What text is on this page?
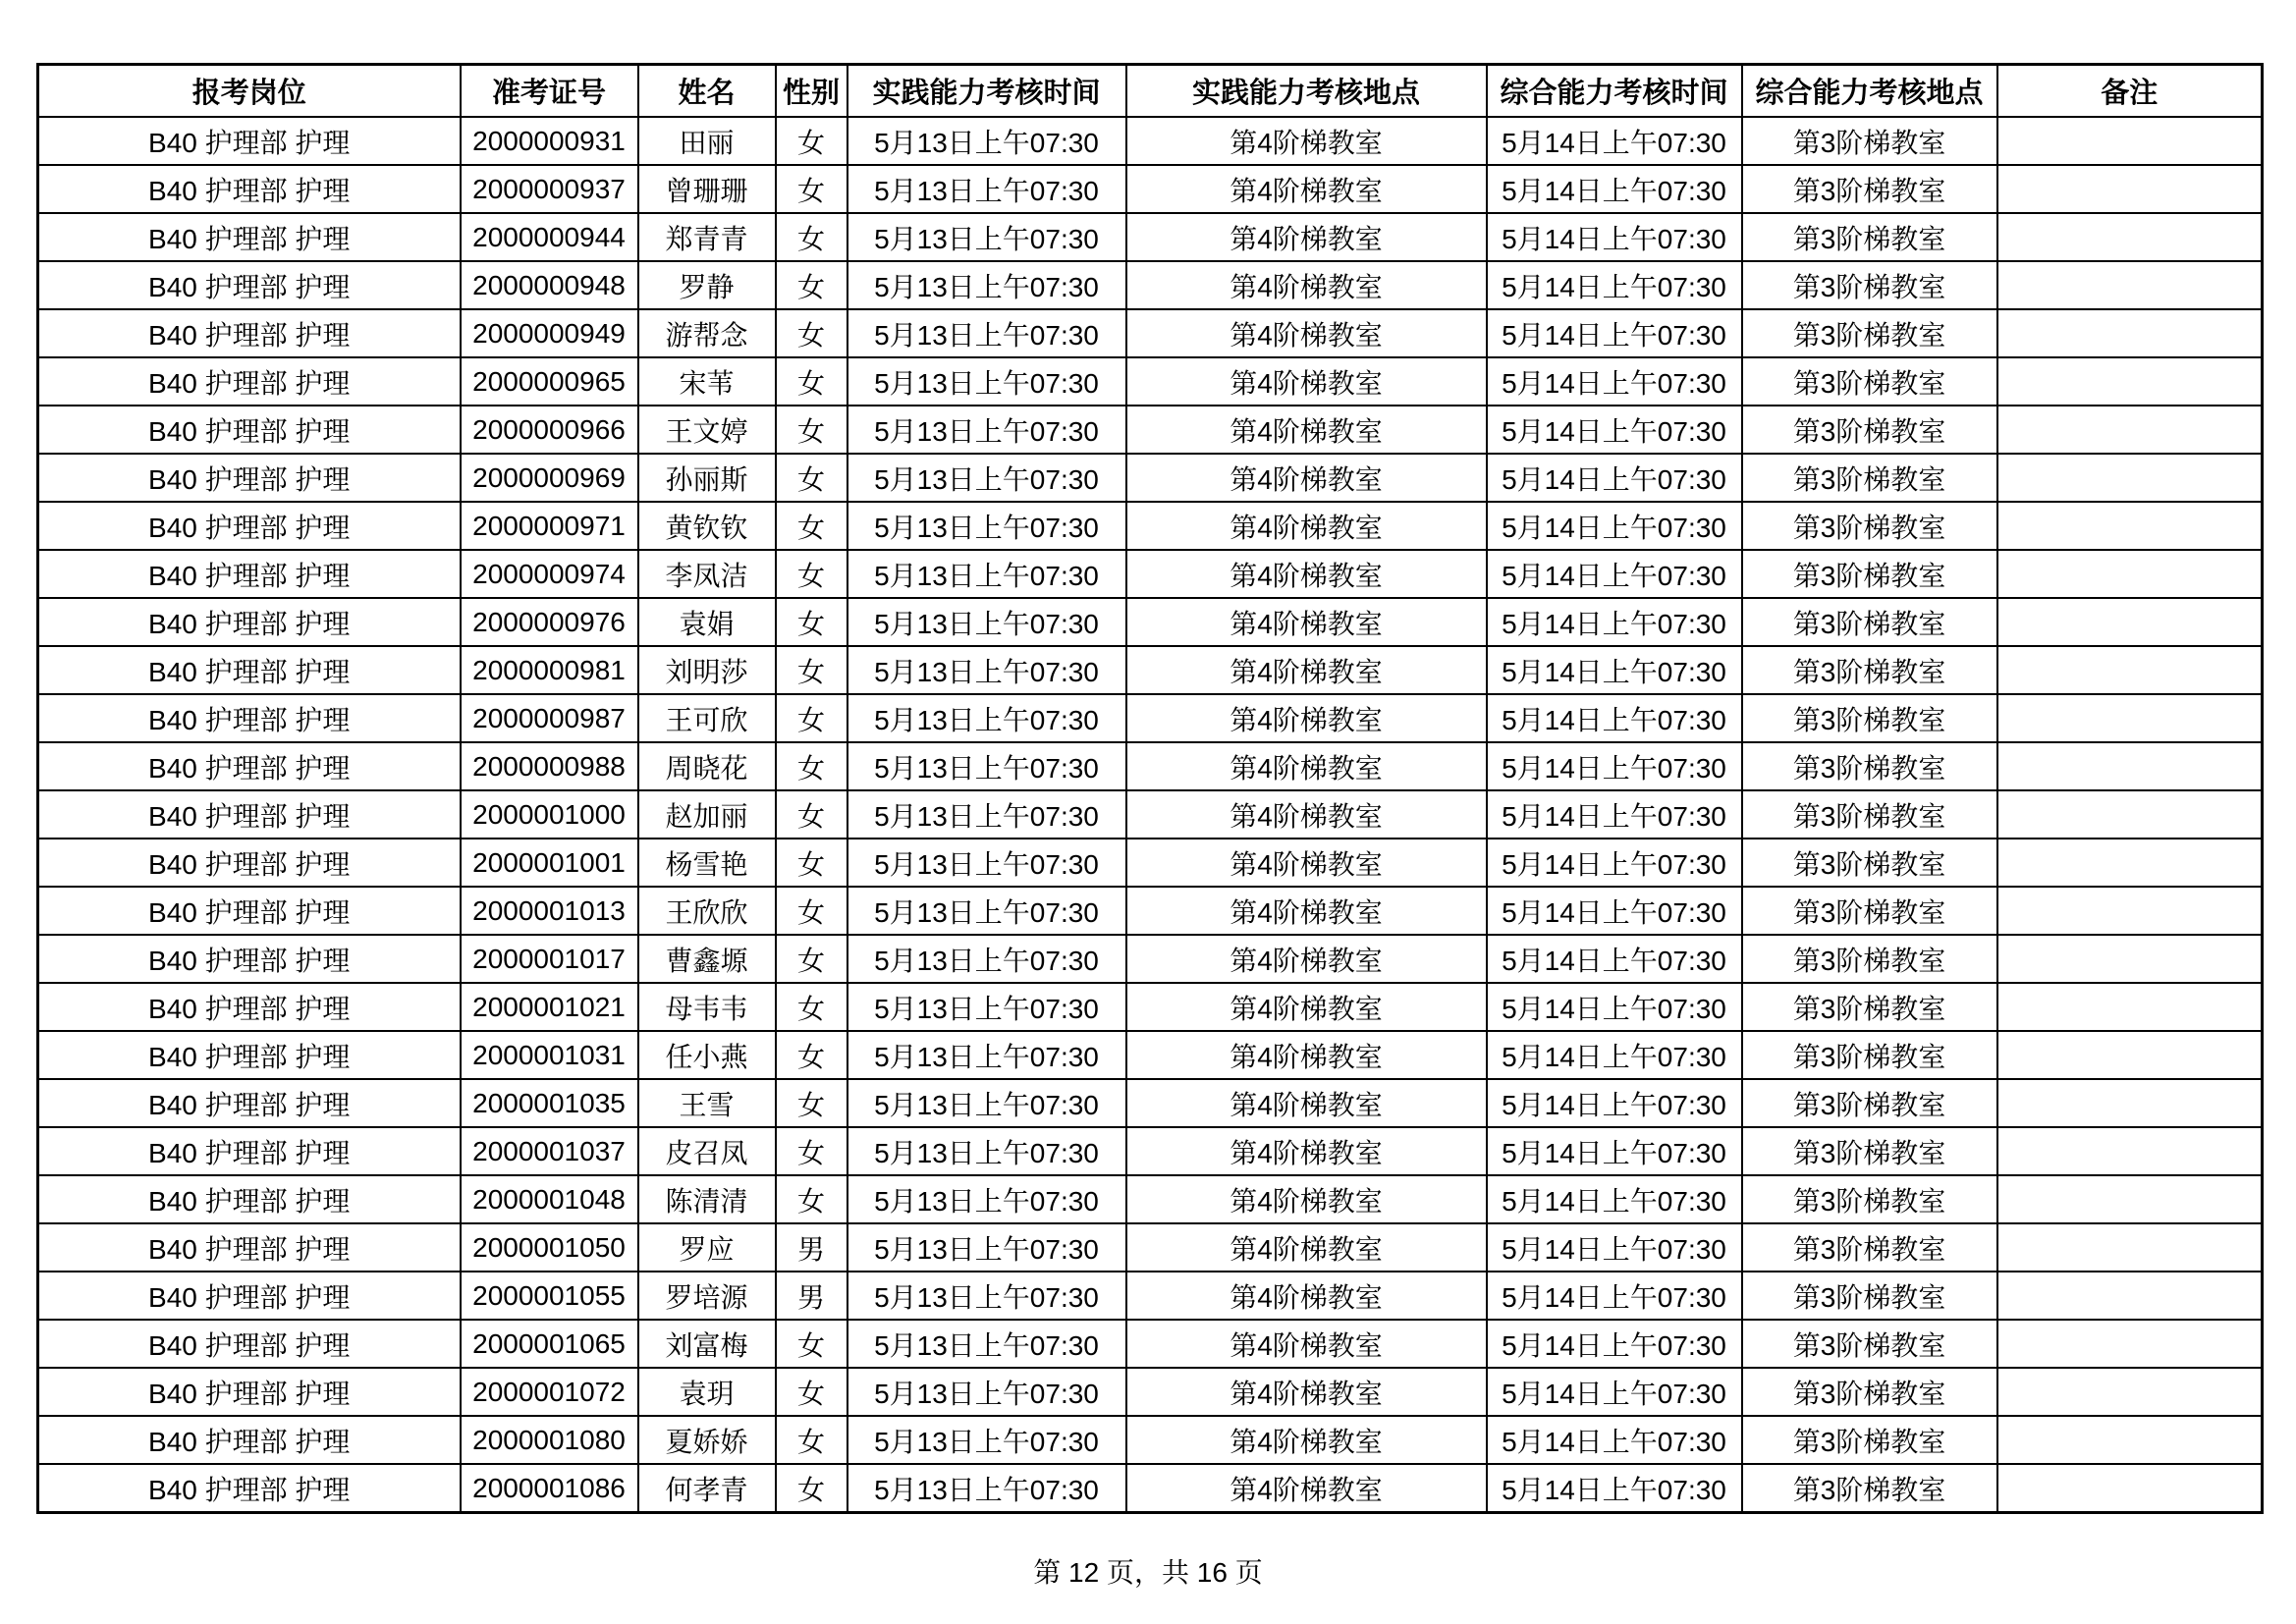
报考岗位	准考证号	姓名	性别	实践能力考核时间	实践能力考核地点	综合能力考核时间	综合能力考核地点	备注
B40 护理部 护理	2000000931	田丽	女	5月13日上午07:30	第4阶梯教室	5月14日上午07:30	第3阶梯教室	
B40 护理部 护理	2000000937	曾珊珊	女	5月13日上午07:30	第4阶梯教室	5月14日上午07:30	第3阶梯教室	
B40 护理部 护理	2000000944	郑青青	女	5月13日上午07:30	第4阶梯教室	5月14日上午07:30	第3阶梯教室	
B40 护理部 护理	2000000948	罗静	女	5月13日上午07:30	第4阶梯教室	5月14日上午07:30	第3阶梯教室	
B40 护理部 护理	2000000949	游帮念	女	5月13日上午07:30	第4阶梯教室	5月14日上午07:30	第3阶梯教室	
B40 护理部 护理	2000000965	宋苇	女	5月13日上午07:30	第4阶梯教室	5月14日上午07:30	第3阶梯教室	
B40 护理部 护理	2000000966	王文婷	女	5月13日上午07:30	第4阶梯教室	5月14日上午07:30	第3阶梯教室	
B40 护理部 护理	2000000969	孙丽斯	女	5月13日上午07:30	第4阶梯教室	5月14日上午07:30	第3阶梯教室	
B40 护理部 护理	2000000971	黄钦钦	女	5月13日上午07:30	第4阶梯教室	5月14日上午07:30	第3阶梯教室	
B40 护理部 护理	2000000974	李凤洁	女	5月13日上午07:30	第4阶梯教室	5月14日上午07:30	第3阶梯教室	
B40 护理部 护理	2000000976	袁娟	女	5月13日上午07:30	第4阶梯教室	5月14日上午07:30	第3阶梯教室	
B40 护理部 护理	2000000981	刘明莎	女	5月13日上午07:30	第4阶梯教室	5月14日上午07:30	第3阶梯教室	
B40 护理部 护理	2000000987	王可欣	女	5月13日上午07:30	第4阶梯教室	5月14日上午07:30	第3阶梯教室	
B40 护理部 护理	2000000988	周晓花	女	5月13日上午07:30	第4阶梯教室	5月14日上午07:30	第3阶梯教室	
B40 护理部 护理	2000001000	赵加丽	女	5月13日上午07:30	第4阶梯教室	5月14日上午07:30	第3阶梯教室	
B40 护理部 护理	2000001001	杨雪艳	女	5月13日上午07:30	第4阶梯教室	5月14日上午07:30	第3阶梯教室	
B40 护理部 护理	2000001013	王欣欣	女	5月13日上午07:30	第4阶梯教室	5月14日上午07:30	第3阶梯教室	
B40 护理部 护理	2000001017	曹鑫塬	女	5月13日上午07:30	第4阶梯教室	5月14日上午07:30	第3阶梯教室	
B40 护理部 护理	2000001021	母韦韦	女	5月13日上午07:30	第4阶梯教室	5月14日上午07:30	第3阶梯教室	
B40 护理部 护理	2000001031	任小燕	女	5月13日上午07:30	第4阶梯教室	5月14日上午07:30	第3阶梯教室	
B40 护理部 护理	2000001035	王雪	女	5月13日上午07:30	第4阶梯教室	5月14日上午07:30	第3阶梯教室	
B40 护理部 护理	2000001037	皮召凤	女	5月13日上午07:30	第4阶梯教室	5月14日上午07:30	第3阶梯教室	
B40 护理部 护理	2000001048	陈清清	女	5月13日上午07:30	第4阶梯教室	5月14日上午07:30	第3阶梯教室	
B40 护理部 护理	2000001050	罗应	男	5月13日上午07:30	第4阶梯教室	5月14日上午07:30	第3阶梯教室	
B40 护理部 护理	2000001055	罗培源	男	5月13日上午07:30	第4阶梯教室	5月14日上午07:30	第3阶梯教室	
B40 护理部 护理	2000001065	刘富梅	女	5月13日上午07:30	第4阶梯教室	5月14日上午07:30	第3阶梯教室	
B40 护理部 护理	2000001072	袁玥	女	5月13日上午07:30	第4阶梯教室	5月14日上午07:30	第3阶梯教室	
B40 护理部 护理	2000001080	夏娇娇	女	5月13日上午07:30	第4阶梯教室	5月14日上午07:30	第3阶梯教室	
B40 护理部 护理	2000001086	何孝青	女	5月13日上午07:30	第4阶梯教室	5月14日上午07:30	第3阶梯教室	
第 12 页，共 16 页
